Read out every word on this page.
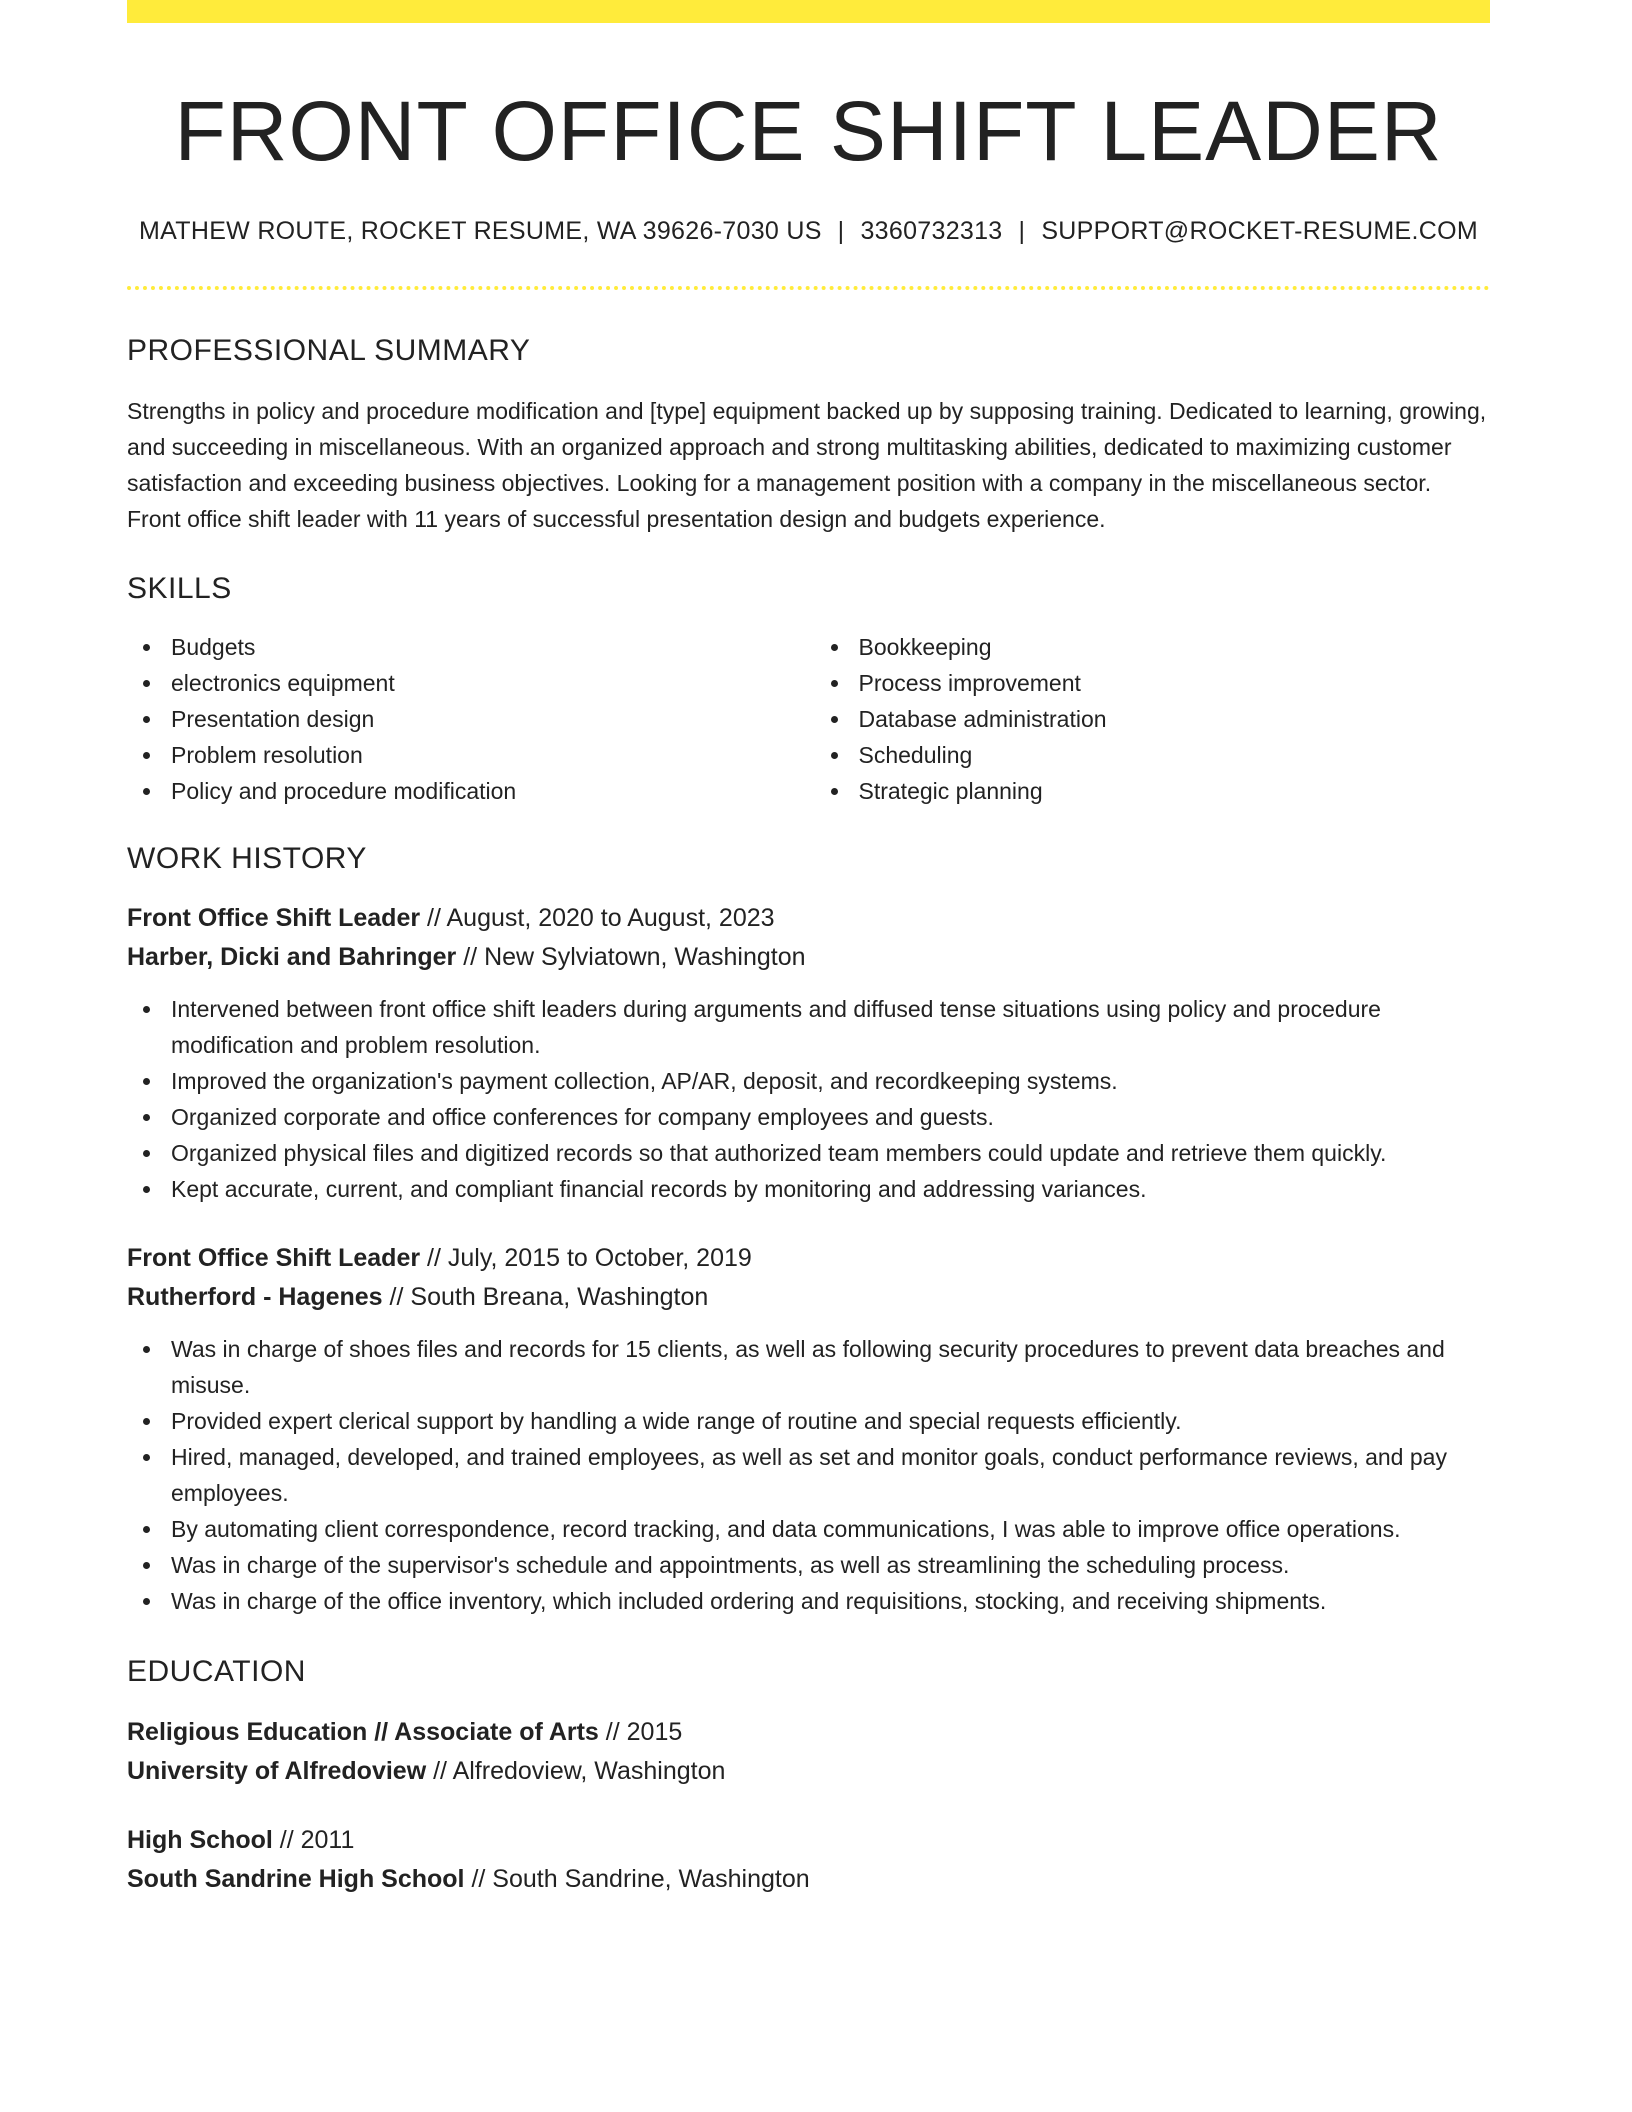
FRONT OFFICE SHIFT LEADER
MATHEW ROUTE, ROCKET RESUME, WA 39626-7030 US | 3360732313 | SUPPORT@ROCKET-RESUME.COM
PROFESSIONAL SUMMARY

Strengths in policy and procedure modification and [type] equipment backed up by supposing training. Dedicated to learning, growing, and succeeding in miscellaneous. With an organized approach and strong multitasking abilities, dedicated to maximizing customer satisfaction and exceeding business objectives. Looking for a management position with a company in the miscellaneous sector. Front office shift leader with 11 years of successful presentation design and budgets experience.

SKILLS
Budgets
electronics equipment
Presentation design
Problem resolution
Policy and procedure modification
Bookkeeping
Process improvement
Database administration
Scheduling
Strategic planning
WORK HISTORY
Front Office Shift Leader // August, 2020 to August, 2023
Harber, Dicki and Bahringer // New Sylviatown, Washington
Intervened between front office shift leaders during arguments and diffused tense situations using policy and procedure modification and problem resolution.
Improved the organization's payment collection, AP/AR, deposit, and recordkeeping systems.
Organized corporate and office conferences for company employees and guests.
Organized physical files and digitized records so that authorized team members could update and retrieve them quickly.
Kept accurate, current, and compliant financial records by monitoring and addressing variances.
Front Office Shift Leader // July, 2015 to October, 2019
Rutherford - Hagenes // South Breana, Washington
Was in charge of shoes files and records for 15 clients, as well as following security procedures to prevent data breaches and misuse.
Provided expert clerical support by handling a wide range of routine and special requests efficiently.
Hired, managed, developed, and trained employees, as well as set and monitor goals, conduct performance reviews, and pay employees.
By automating client correspondence, record tracking, and data communications, I was able to improve office operations.
Was in charge of the supervisor's schedule and appointments, as well as streamlining the scheduling process.
Was in charge of the office inventory, which included ordering and requisitions, stocking, and receiving shipments.
EDUCATION
Religious Education // Associate of Arts // 2015
University of Alfredoview // Alfredoview, Washington
High School // 2011
South Sandrine High School // South Sandrine, Washington
